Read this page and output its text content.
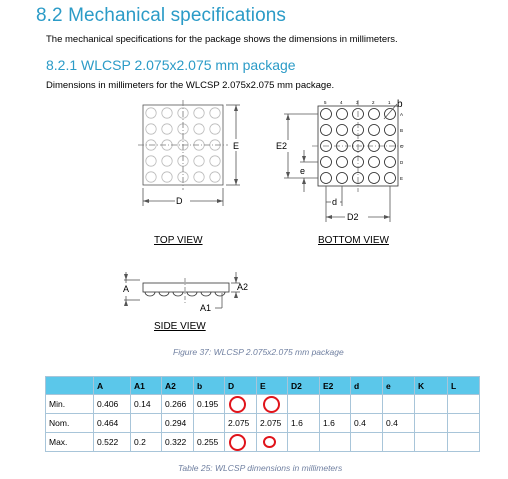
8.2 Mechanical specifications
The mechanical specifications for the package shows the dimensions in millimeters.
8.2.1 WLCSP 2.075x2.075 mm package
Dimensions in millimeters for the WLCSP 2.075x2.075 mm package.
D
E	E2
e
d
D2
b
A	A2
A1
5	4	3	2	1
A
B
C
D
E
TOP VIEW	BOTTOM VIEW
SIDE VIEW
Figure 37: WLCSP 2.075x2.075 mm package
	A	A1	A2	b	D	E	D2	E2	d	e	K	L
Min.	0.406	0.14	0.266	0.195								
Nom.	0.464		0.294		2.075	2.075	1.6	1.6	0.4	0.4		
Max.	0.522	0.2	0.322	0.255								
Table 25: WLCSP dimensions in millimeters
